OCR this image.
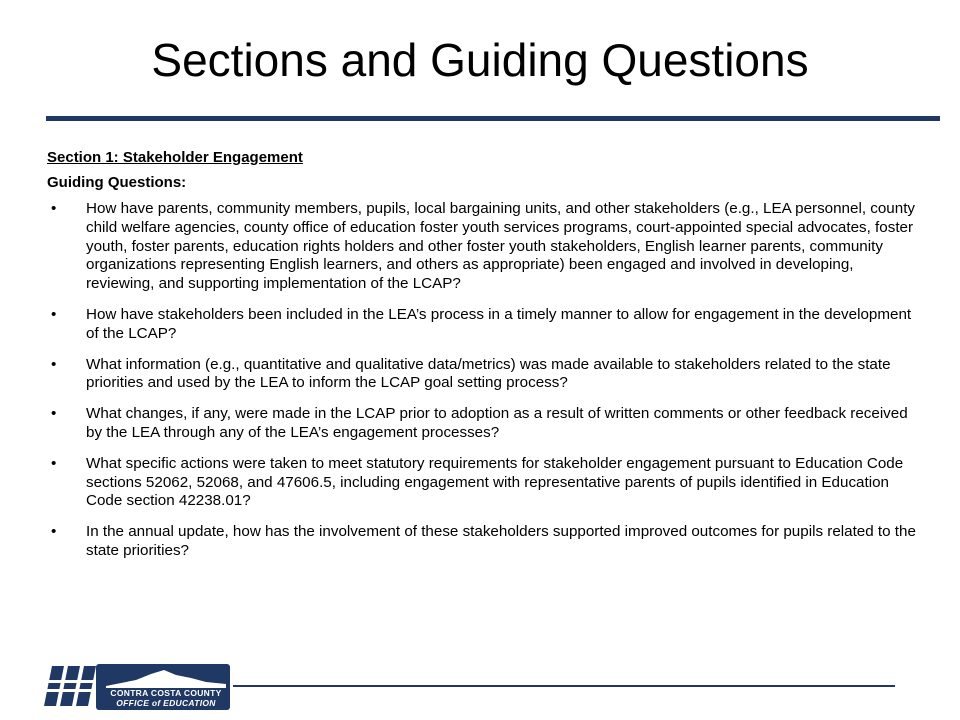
Sections and Guiding Questions
Section 1: Stakeholder Engagement
Guiding Questions:
• How have parents, community members, pupils, local bargaining units, and other stakeholders (e.g., LEA personnel, county child welfare agencies, county office of education foster youth services programs, court-appointed special advocates, foster youth, foster parents, education rights holders and other foster youth stakeholders, English learner parents, community organizations representing English learners, and others as appropriate) been engaged and involved in developing, reviewing, and supporting implementation of the LCAP?
• How have stakeholders been included in the LEA’s process in a timely manner to allow for engagement in the development of the LCAP?
• What information (e.g., quantitative and qualitative data/metrics) was made available to stakeholders related to the state priorities and used by the LEA to inform the LCAP goal setting process?
• What changes, if any, were made in the LCAP prior to adoption as a result of written comments or other feedback received by the LEA through any of the LEA’s engagement processes?
• What specific actions were taken to meet statutory requirements for stakeholder engagement pursuant to Education Code sections 52062, 52068, and 47606.5, including engagement with representative parents of pupils identified in Education Code section 42238.01?
• In the annual update, how has the involvement of these stakeholders supported improved outcomes for pupils related to the state priorities?
CONTRA COSTA COUNTY
OFFICE of EDUCATION
